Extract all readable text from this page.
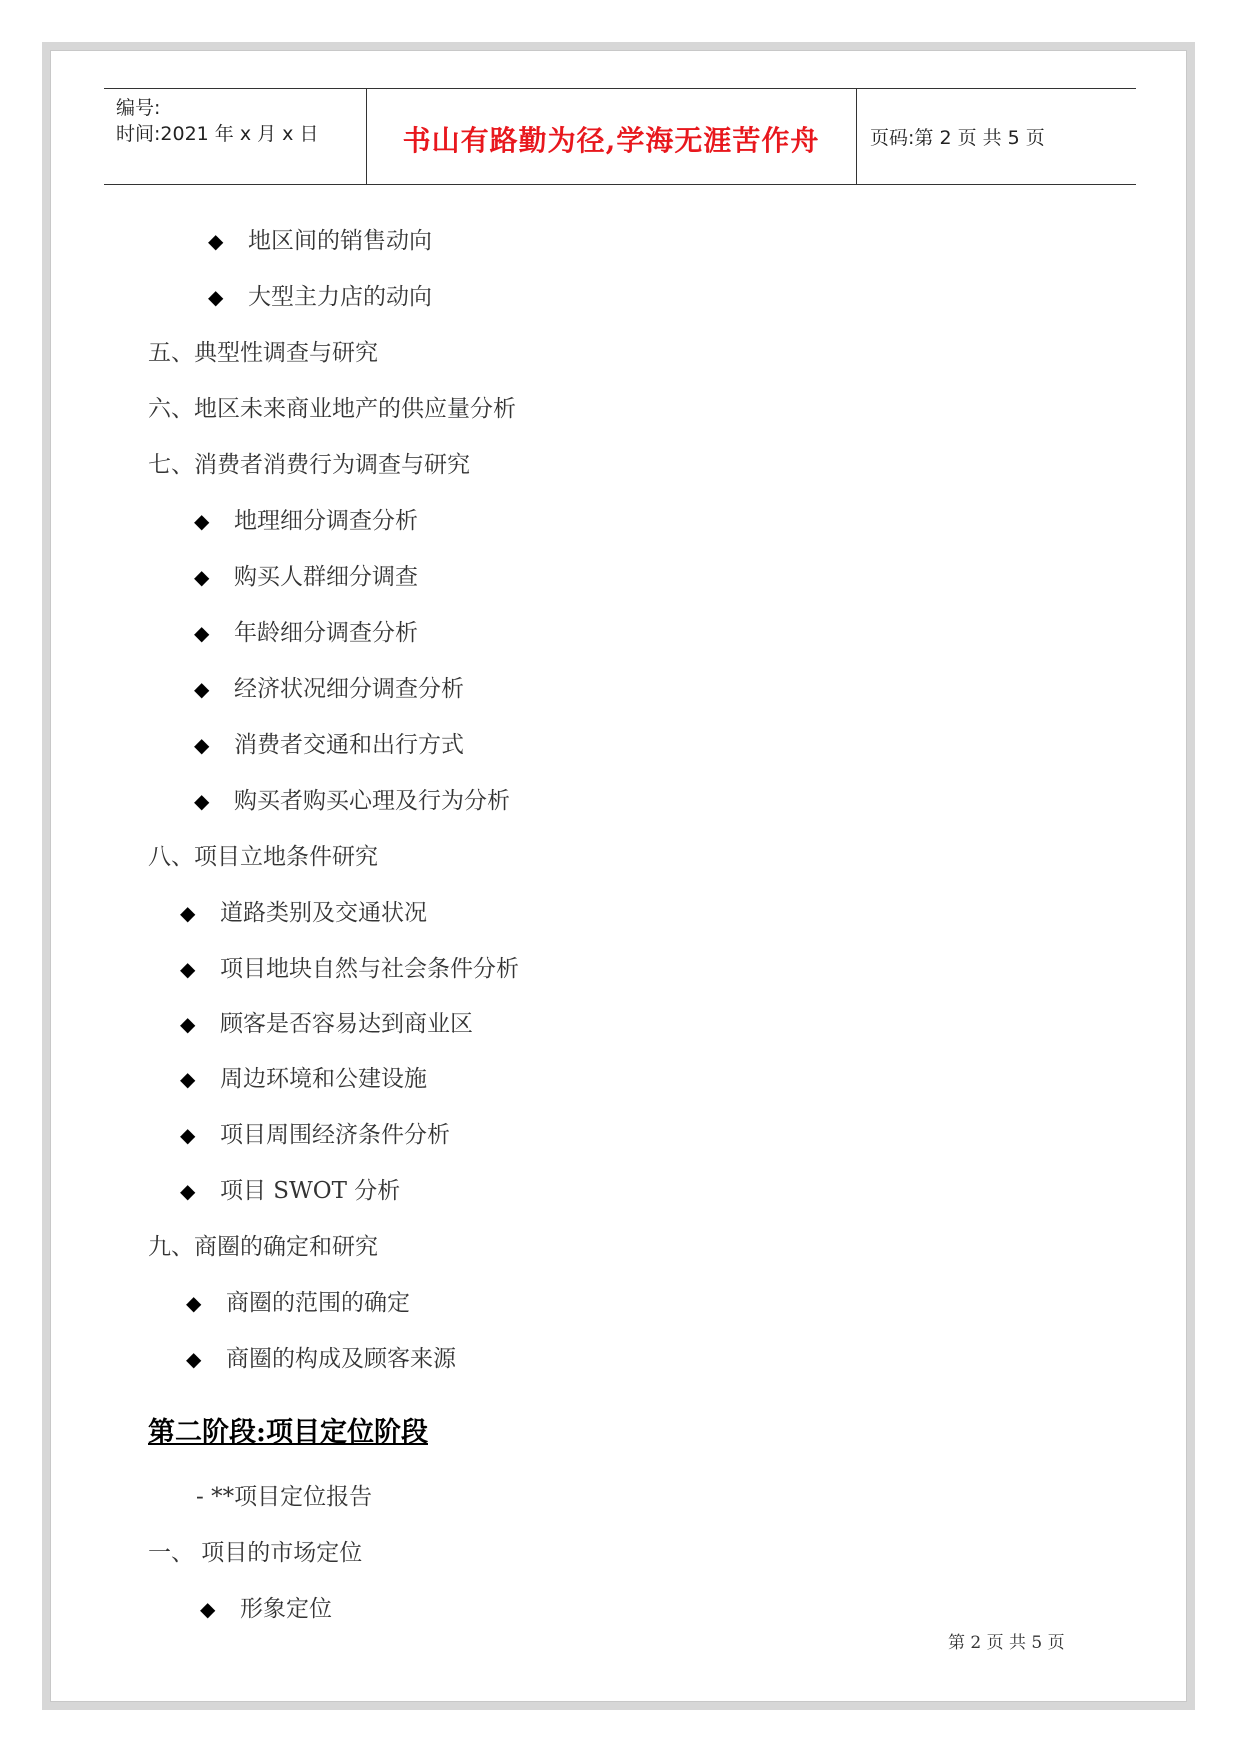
编号:
时间:2021 年 x 月 x 日	书山有路勤为径,学海无涯苦作舟	页码:第 2 页 共 5 页
◆ 地区间的销售动向
◆ 大型主力店的动向
五、典型性调查与研究
六、地区未来商业地产的供应量分析
七、消费者消费行为调查与研究
◆ 地理细分调查分析
◆ 购买人群细分调查
◆ 年龄细分调查分析
◆ 经济状况细分调查分析
◆ 消费者交通和出行方式
◆ 购买者购买心理及行为分析
八、项目立地条件研究
◆ 道路类别及交通状况
◆ 项目地块自然与社会条件分析
◆ 顾客是否容易达到商业区
◆ 周边环境和公建设施
◆ 项目周围经济条件分析
◆ 项目 SWOT 分析
九、商圈的确定和研究
◆ 商圈的范围的确定
◆ 商圈的构成及顾客来源
第二阶段:项目定位阶段
- **项目定位报告
一、 项目的市场定位
◆ 形象定位
第 2 页 共 5 页
